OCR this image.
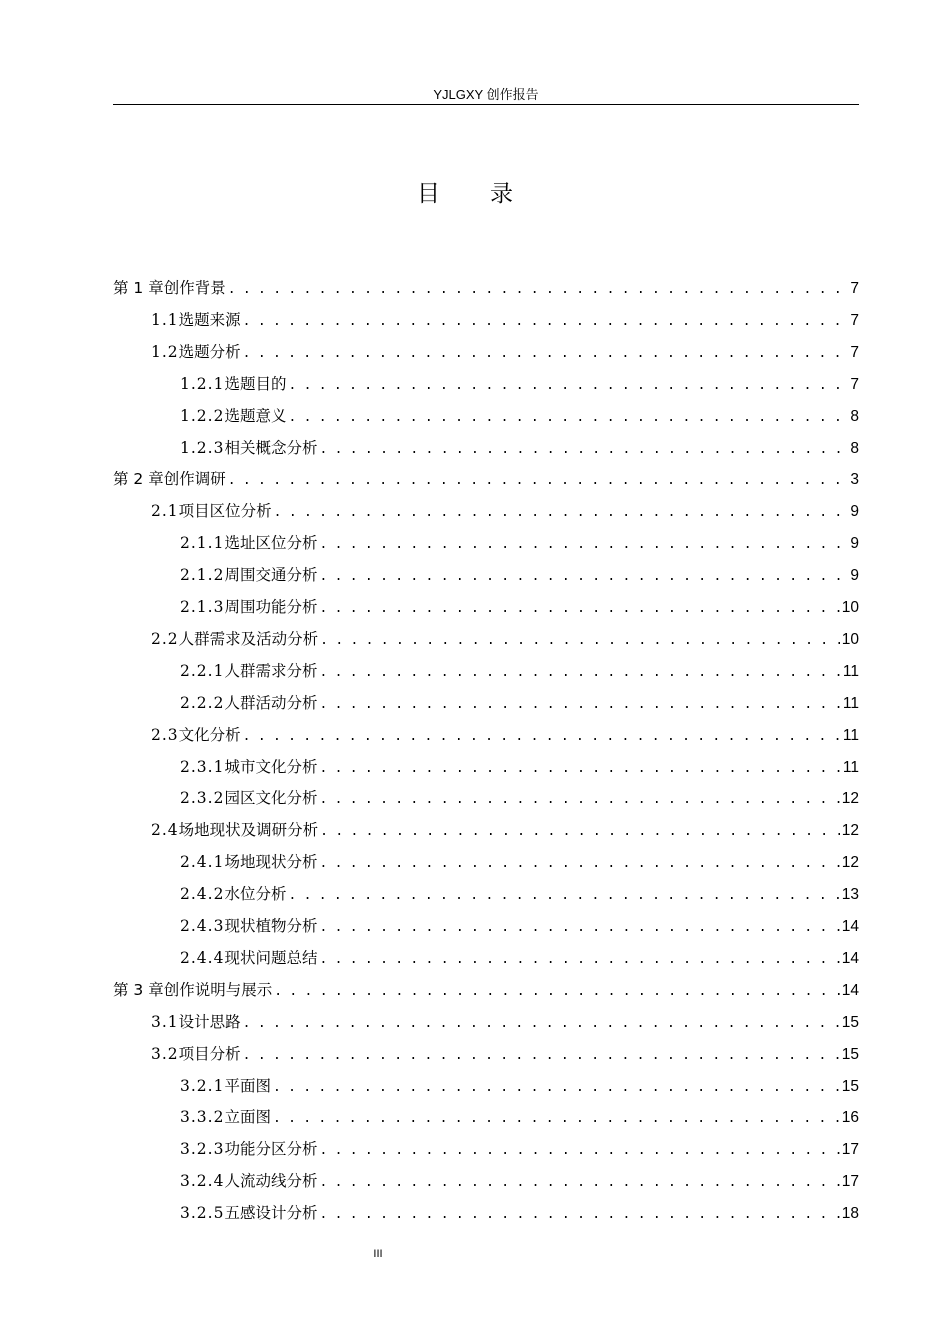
YJLGXY 创作报告
目录
第 1 章 创作背景 . . .	7
1.1 选题来源 . . .	7
1.2 选题分析 . . .	7
1.2.1 选题目的 . . .	7
1.2.2 选题意义 . . .	8
1.2.3 相关概念分析 . . .	8
第 2 章 创作调研 . . .	3
2.1 项目区位分析 . . .	9
2.1.1 选址区位分析 . . .	9
2.1.2 周围交通分析 . . .	9
2.1.3 周围功能分析 . . .	10
2.2 人群需求及活动分析 . . .	10
2.2.1 人群需求分析 . . .	11
2.2.2 人群活动分析 . . .	11
2.3 文化分析 . . .	11
2.3.1 城市文化分析 . . .	11
2.3.2 园区文化分析 . . .	12
2.4 场地现状及调研分析 . . .	12
2.4.1 场地现状分析 . . .	12
2.4.2 水位分析 . . .	13
2.4.3 现状植物分析 . . .	14
2.4.4 现状问题总结 . . .	14
第 3 章 创作说明与展示 . . .	14
3.1 设计思路 . . .	15
3.2 项目分析 . . .	15
3.2.1 平面图 . . .	15
3.3.2 立面图 . . .	16
3.2.3 功能分区分析 . . .	17
3.2.4 人流动线分析 . . .	17
3.2.5 五感设计分析 . . .	18
III
